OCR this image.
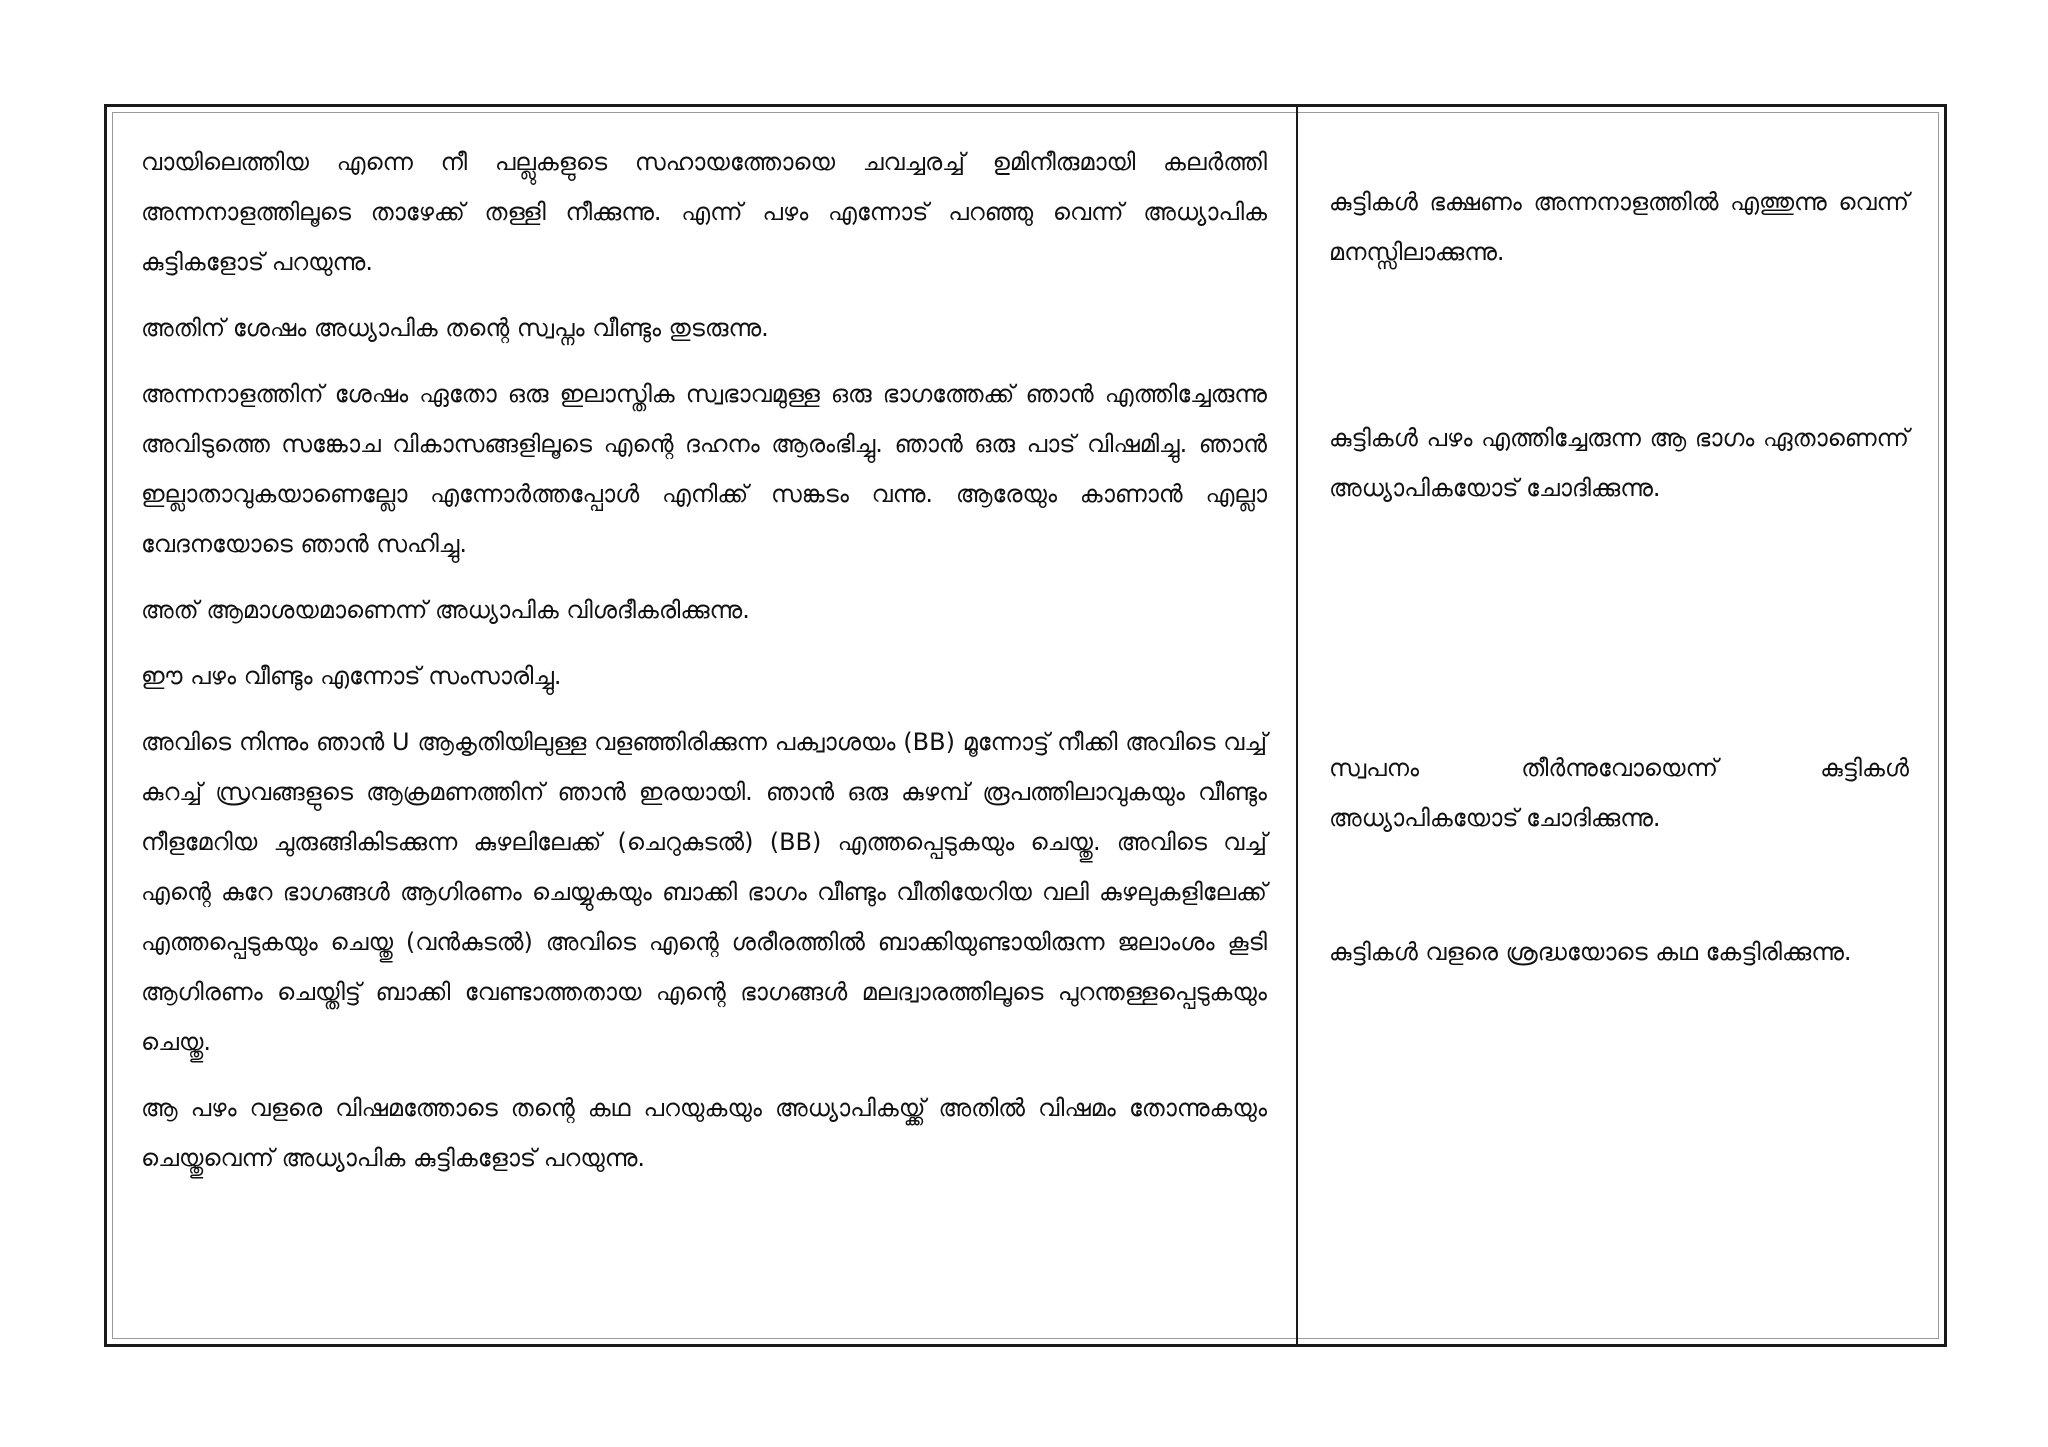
വായിലെത്തിയ എന്നെ നീ പല്ലുകളുടെ സഹായത്തോയെ ചവച്ചരച്ച് ഉമിനീരുമായി കലർത്തി അന്നനാളത്തിലൂടെ താഴേക്ക് തള്ളി നീക്കുന്നു. എന്ന് പഴം എന്നോട് പറഞ്ഞു വെന്ന് അധ്യാപിക കുട്ടികളോട് പറയുന്നു.

അതിന് ശേഷം അധ്യാപിക തന്റെ സ്വപ്നം വീണ്ടും തുടരുന്നു.

അന്നനാളത്തിന് ശേഷം ഏതോ ഒരു ഇലാസ്തിക സ്വഭാവമുള്ള ഒരു ഭാഗത്തേക്ക് ഞാൻ എത്തിച്ചേരുന്നു അവിടുത്തെ സങ്കോച വികാസങ്ങളിലൂടെ എന്റെ ദഹനം ആരംഭിച്ചു. ഞാൻ ഒരു പാട് വിഷമിച്ചു. ഞാൻ ഇല്ലാതാവുകയാണെല്ലോ എന്നോർത്തപ്പോൾ എനിക്ക് സങ്കടം വന്നു. ആരേയും കാണാൻ എല്ലാ വേദനയോടെ ഞാൻ സഹിച്ചു.

അത് ആമാശയമാണെന്ന് അധ്യാപിക വിശദീകരിക്കുന്നു.

ഈ പഴം വീണ്ടും എന്നോട് സംസാരിച്ചു.

അവിടെ നിന്നും ഞാൻ U ആകൃതിയിലുള്ള വളഞ്ഞിരിക്കുന്ന പക്വാശയം (BB) മൂന്നോട്ട് നീക്കി അവിടെ വച്ച് കുറച്ച് സ്രവങ്ങളുടെ ആക്രമണത്തിന് ഞാൻ ഇരയായി. ഞാൻ ഒരു കുഴമ്പ് രൂപത്തിലാവുകയും വീണ്ടും നീളമേറിയ ചുരുങ്ങികിടക്കുന്ന കുഴലിലേക്ക് (ചെറുകുടൽ) (BB) എത്തപ്പെടുകയും ചെയ്തു. അവിടെ വച്ച് എന്റെ കുറേ ഭാഗങ്ങൾ ആഗിരണം ചെയ്യുകയും ബാക്കി ഭാഗം വീണ്ടും വീതിയേറിയ വലി കുഴലുകളിലേക്ക് എത്തപ്പെടുകയും ചെയ്തു (വൻകുടൽ) അവിടെ എന്റെ ശരീരത്തിൽ ബാക്കിയുണ്ടായിരുന്ന ജലാംശം കൂടി ആഗിരണം ചെയ്തിട്ട് ബാക്കി വേണ്ടാത്തതായ എന്റെ ഭാഗങ്ങൾ മലദ്വാരത്തിലൂടെ പുറന്തള്ളപ്പെടുകയും ചെയ്തു.

ആ പഴം വളരെ വിഷമത്തോടെ തന്റെ കഥ പറയുകയും അധ്യാപികയ്ക്ക് അതിൽ വിഷമം തോന്നുകയും ചെയ്തുവെന്ന് അധ്യാപിക കുട്ടികളോട് പറയുന്നു.

കുട്ടികൾ ഭക്ഷണം അന്നനാളത്തിൽ എത്തുന്നു വെന്ന് മനസ്സിലാക്കുന്നു.

കുട്ടികൾ പഴം എത്തിച്ചേരുന്ന ആ ഭാഗം ഏതാണെന്ന് അധ്യാപികയോട് ചോദിക്കുന്നു.

സ്വപനം തീർന്നുവോയെന്ന് കുട്ടികൾ അധ്യാപികയോട് ചോദിക്കുന്നു.

കുട്ടികൾ വളരെ ശ്രദ്ധയോടെ കഥ കേട്ടിരിക്കുന്നു.
